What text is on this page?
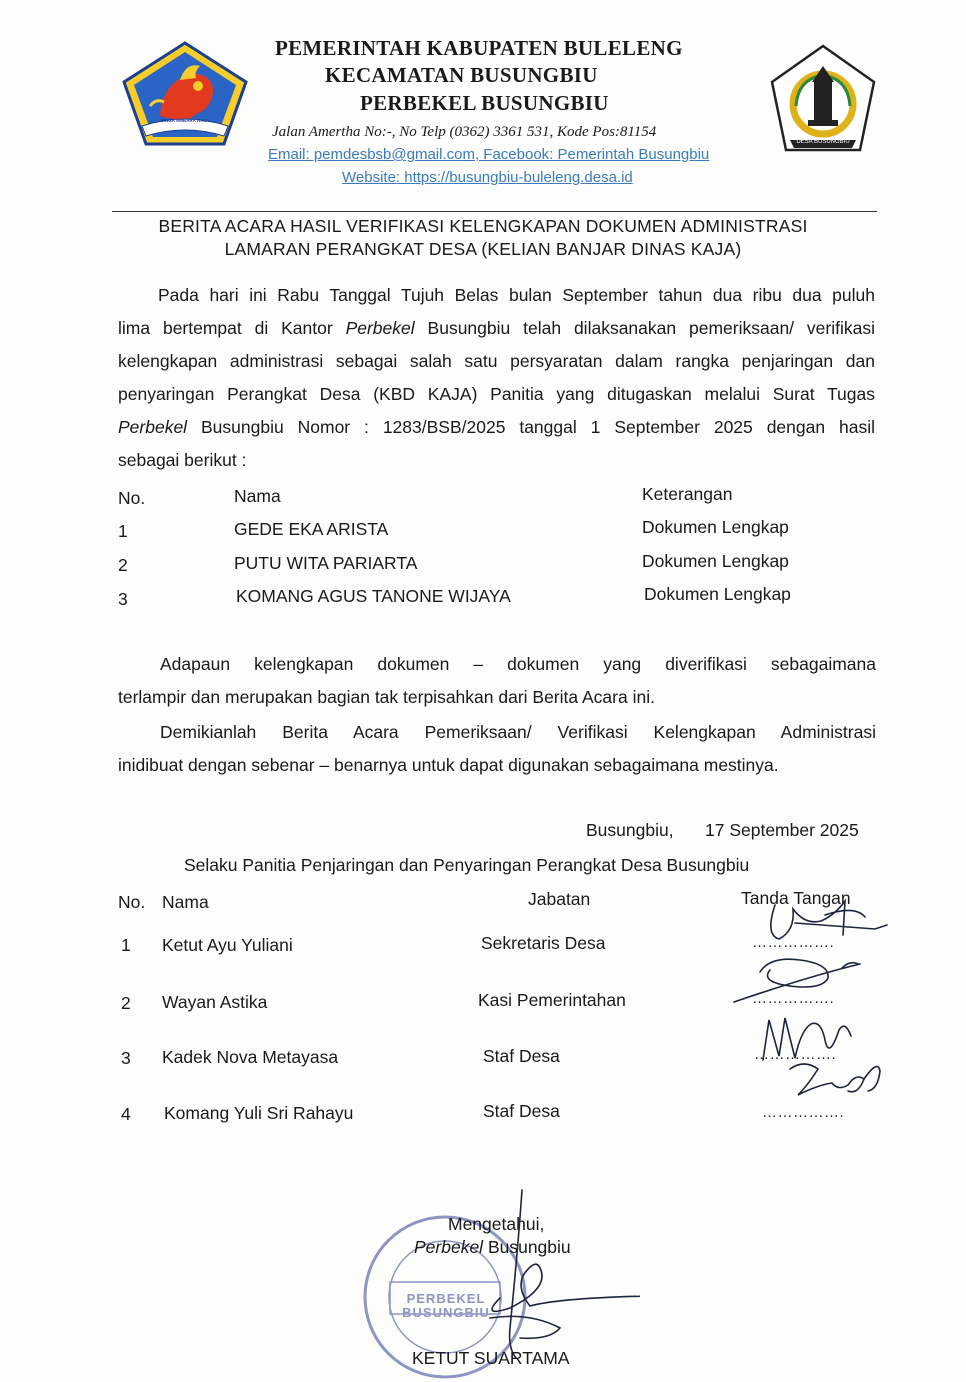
SINGA AMBARA RAJA
DESA BUSUNGBIU
PEMERINTAH KABUPATEN BULELENG
KECAMATAN BUSUNGBIU
PERBEKEL BUSUNGBIU
Jalan Amertha No:-, No Telp (0362) 3361 531, Kode Pos:81154
Email: pemdesbsb@gmail.com, Facebook: Pemerintah Busungbiu
Website: https://busungbiu-buleleng.desa.id
BERITA ACARA HASIL VERIFIKASI KELENGKAPAN DOKUMEN ADMINISTRASI
LAMARAN PERANGKAT DESA (KELIAN BANJAR DINAS KAJA)
Pada hari ini Rabu Tanggal Tujuh Belas bulan September tahun dua ribu dua puluh
lima bertempat di Kantor Perbekel Busungbiu telah dilaksanakan pemeriksaan/ verifikasi
kelengkapan administrasi sebagai salah satu persyaratan dalam rangka penjaringan dan
penyaringan Perangkat Desa (KBD KAJA) Panitia yang ditugaskan melalui Surat Tugas
Perbekel Busungbiu Nomor : 1283/BSB/2025 tanggal 1 September 2025 dengan hasil
sebagai berikut :
No.	Nama	Keterangan
1	GEDE EKA ARISTA	Dokumen Lengkap
2	PUTU WITA PARIARTA	Dokumen Lengkap
3	KOMANG AGUS TANONE WIJAYA	Dokumen Lengkap
Adapaun kelengkapan dokumen – dokumen yang diverifikasi sebagaimana
terlampir dan merupakan bagian tak terpisahkan dari Berita Acara ini.
Demikianlah Berita Acara Pemeriksaan/ Verifikasi Kelengkapan Administrasi
inidibuat dengan sebenar – benarnya untuk dapat digunakan sebagaimana mestinya.
Busungbiu, 17 September 2025
Selaku Panitia Penjaringan dan Penyaringan Perangkat Desa Busungbiu
No. Nama	Jabatan	Tanda Tangan
1 Ketut Ayu Yuliani	Sekretaris Desa	…………….
2 Wayan Astika	Kasi Pemerintahan	…………….
3 Kadek Nova Metayasa	Staf Desa	…………….
4 Komang Yuli Sri Rahayu	Staf Desa	…………….
PERBEKEL BUSUNGBIU
Mengetahui,
Perbekel Busungbiu
KETUT SUARTAMA
